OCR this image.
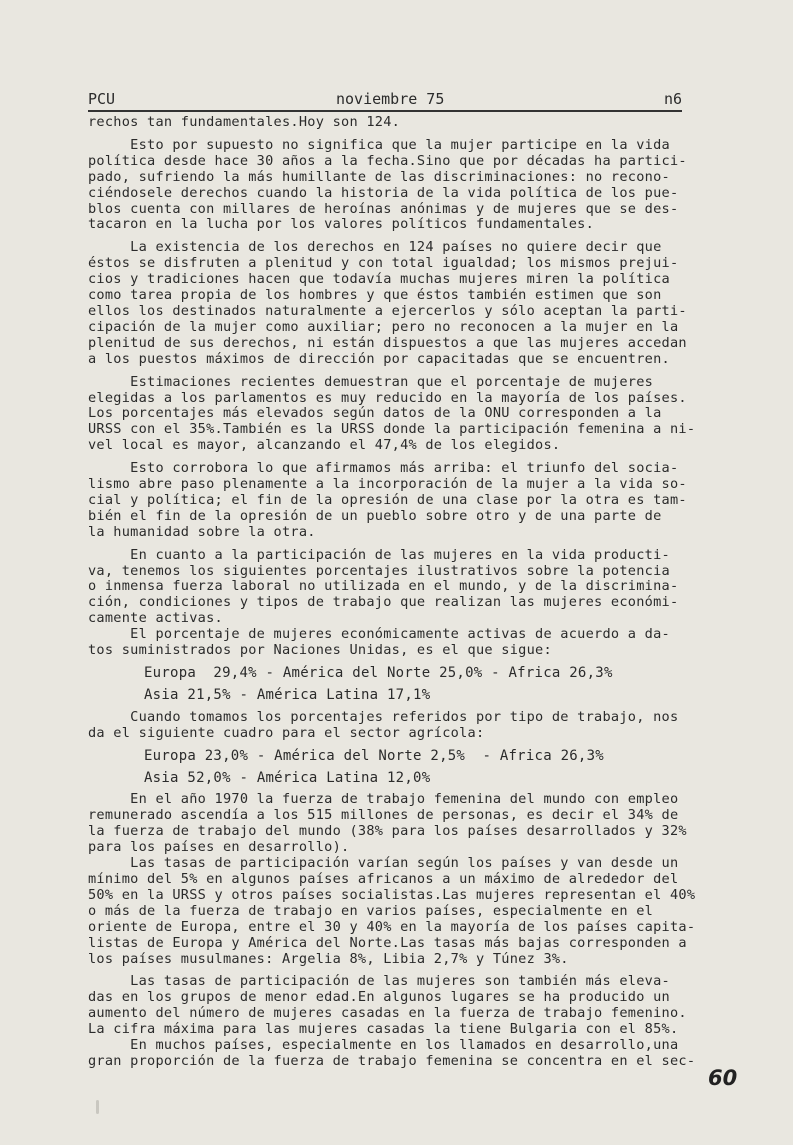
PCU	noviembre 75	n6

rechos tan fundamentales.Hoy son 124.

Esto por supuesto no significa que la mujer participe en la vida
política desde hace 30 años a la fecha.Sino que por décadas ha partici-
pado, sufriendo la más humillante de las discriminaciones: no recono-
ciéndosele derechos cuando la historia de la vida política de los pue-
blos cuenta con millares de heroínas anónimas y de mujeres que se des-
tacaron en la lucha por los valores políticos fundamentales.

La existencia de los derechos en 124 países no quiere decir que
éstos se disfruten a plenitud y con total igualdad; los mismos prejui-
cios y tradiciones hacen que todavía muchas mujeres miren la política
como tarea propia de los hombres y que éstos también estimen que son
ellos los destinados naturalmente a ejercerlos y sólo aceptan la parti-
cipación de la mujer como auxiliar; pero no reconocen a la mujer en la
plenitud de sus derechos, ni están dispuestos a que las mujeres accedan
a los puestos máximos de dirección por capacitadas que se encuentren.

Estimaciones recientes demuestran que el porcentaje de mujeres
elegidas a los parlamentos es muy reducido en la mayoría de los países.
Los porcentajes más elevados según datos de la ONU corresponden a la
URSS con el 35%.También es la URSS donde la participación femenina a ni-
vel local es mayor, alcanzando el 47,4% de los elegidos.

Esto corrobora lo que afirmamos más arriba: el triunfo del socia-
lismo abre paso plenamente a la incorporación de la mujer a la vida so-
cial y política; el fin de la opresión de una clase por la otra es tam-
bién el fin de la opresión de un pueblo sobre otro y de una parte de
la humanidad sobre la otra.

En cuanto a la participación de las mujeres en la vida producti-
va, tenemos los siguientes porcentajes ilustrativos sobre la potencia
o inmensa fuerza laboral no utilizada en el mundo, y de la discrimina-
ción, condiciones y tipos de trabajo que realizan las mujeres económi-
camente activas.

El porcentaje de mujeres económicamente activas de acuerdo a da-
tos suministrados por Naciones Unidas, es el que sigue:

Europa  29,4% - América del Norte 25,0% - Africa 26,3%

Asia 21,5% - América Latina 17,1%

Cuando tomamos los porcentajes referidos por tipo de trabajo, nos
da el siguiente cuadro para el sector agrícola:

Europa 23,0% - América del Norte 2,5%  - Africa 26,3%

Asia 52,0% - América Latina 12,0%

En el año 1970 la fuerza de trabajo femenina del mundo con empleo
remunerado ascendía a los 515 millones de personas, es decir el 34% de
la fuerza de trabajo del mundo (38% para los países desarrollados y 32%
para los países en desarrollo).

Las tasas de participación varían según los países y van desde un
mínimo del 5% en algunos países africanos a un máximo de alrededor del
50% en la URSS y otros países socialistas.Las mujeres representan el 40%
o más de la fuerza de trabajo en varios países, especialmente en el
oriente de Europa, entre el 30 y 40% en la mayoría de los países capita-
listas de Europa y América del Norte.Las tasas más bajas corresponden a
los países musulmanes: Argelia 8%, Libia 2,7% y Túnez 3%.

Las tasas de participación de las mujeres son también más eleva-
das en los grupos de menor edad.En algunos lugares se ha producido un
aumento del número de mujeres casadas en la fuerza de trabajo femenino.
La cifra máxima para las mujeres casadas la tiene Bulgaria con el 85%.
En muchos países, especialmente en los llamados en desarrollo,una
gran proporción de la fuerza de trabajo femenina se concentra en el sec-

60
